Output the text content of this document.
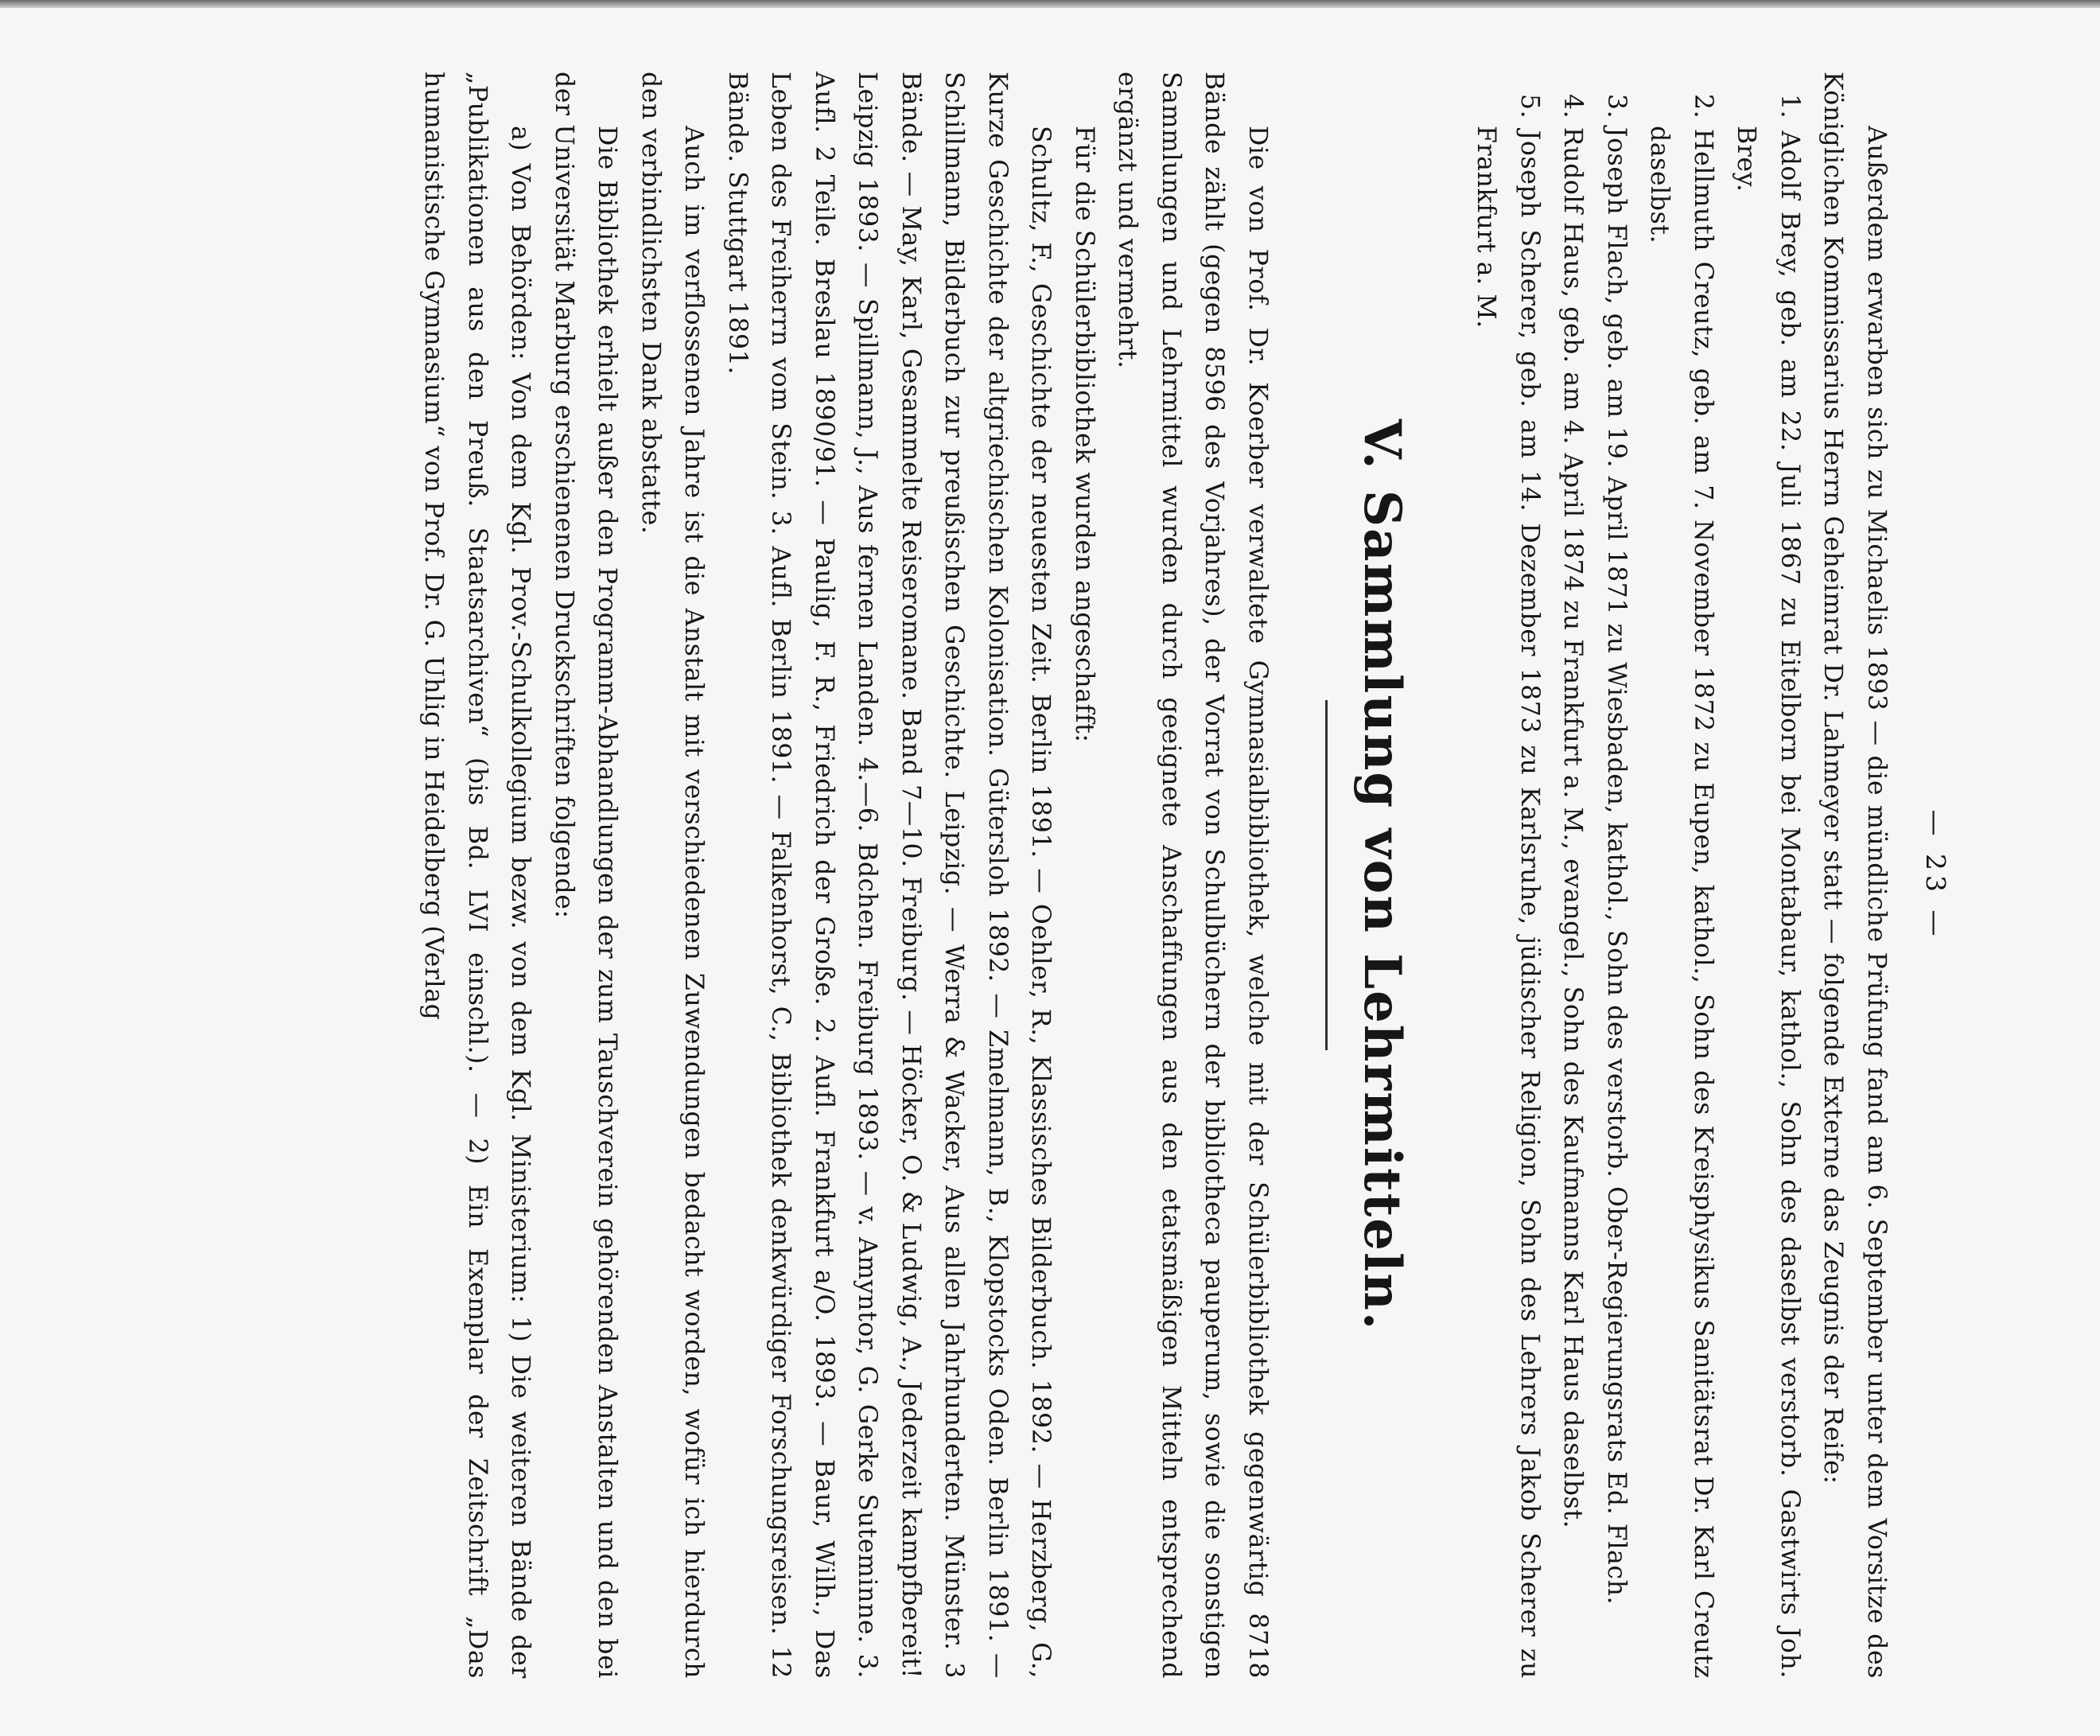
— 23 —

Außerdem erwarben sich zu Michaelis 1893 — die mündliche Prüfung fand am 6. September unter dem Vorsitze des Königlichen Kommissarius Herrn Geheimrat Dr. Lahmeyer statt — folgende Externe das Zeugnis der Reife:

1. Adolf Brey, geb. am 22. Juli 1867 zu Eitelborn bei Montabaur, kathol., Sohn des daselbst verstorb. Gastwirts Joh. Brey.

2. Hellmuth Creutz, geb. am 7. November 1872 zu Eupen, kathol., Sohn des Kreisphysikus Sanitätsrat Dr. Karl Creutz daselbst.

3. Joseph Flach, geb. am 19. April 1871 zu Wiesbaden, kathol., Sohn des verstorb. Ober-Regierungsrats Ed. Flach.

4. Rudolf Haus, geb. am 4. April 1874 zu Frankfurt a. M., evangel., Sohn des Kaufmanns Karl Haus daselbst.

5. Joseph Scherer, geb. am 14. Dezember 1873 zu Karlsruhe, jüdischer Religion, Sohn des Lehrers Jakob Scherer zu Frankfurt a. M.

V. Sammlung von Lehrmitteln.

Die von Prof. Dr. Koerber verwaltete Gymnasialbibliothek, welche mit der Schülerbibliothek gegenwärtig 8718 Bände zählt (gegen 8596 des Vorjahres), der Vorrat von Schulbüchern der bibliotheca pauperum, sowie die sonstigen Sammlungen und Lehrmittel wurden durch geeignete Anschaffungen aus den etatsmäßigen Mitteln entsprechend ergänzt und vermehrt.

Für die Schülerbibliothek wurden angeschafft:

Schultz, F., Geschichte der neuesten Zeit. Berlin 1891. — Oehler, R., Klassisches Bilderbuch. 1892. — Herzberg, G., Kurze Geschichte der altgriechischen Kolonisation. Gütersloh 1892. — Zmelmann, B., Klopstocks Oden. Berlin 1891. — Schillmann, Bilderbuch zur preußischen Geschichte. Leipzig. — Werra & Wacker, Aus allen Jahrhunderten. Münster. 3 Bände. — May, Karl, Gesammelte Reiseromane. Band 7—10. Freiburg. — Höcker, O. & Ludwig, A., Jederzeit kampfbereit! Leipzig 1893. — Spillmann, J., Aus fernen Landen. 4.—6. Bdchen. Freiburg 1893. — v. Amyntor, G. Gerke Suteminne. 3. Aufl. 2 Teile. Breslau 1890/91. — Paulig, F. R., Friedrich der Große. 2. Aufl. Frankfurt a/O. 1893. — Baur, Wilh., Das Leben des Freiherrn vom Stein. 3. Aufl. Berlin 1891. — Falkenhorst, C., Bibliothek denkwürdiger Forschungsreisen. 12 Bände. Stuttgart 1891.

Auch im verflossenen Jahre ist die Anstalt mit verschiedenen Zuwendungen bedacht worden, wofür ich hierdurch den verbindlichsten Dank abstatte.

Die Bibliothek erhielt außer den Programm-Abhandlungen der zum Tauschverein gehörenden Anstalten und den bei der Universität Marburg erschienenen Druckschriften folgende:

a) Von Behörden: Von dem Kgl. Prov.-Schulkollegium bezw. von dem Kgl. Ministerium: 1) Die weiteren Bände der „Publikationen aus den Preuß. Staatsarchiven“ (bis Bd. LVI einschl.). — 2) Ein Exemplar der Zeitschrift „Das humanistische Gymnasium“ von Prof. Dr. G. Uhlig in Heidelberg (Verlag
